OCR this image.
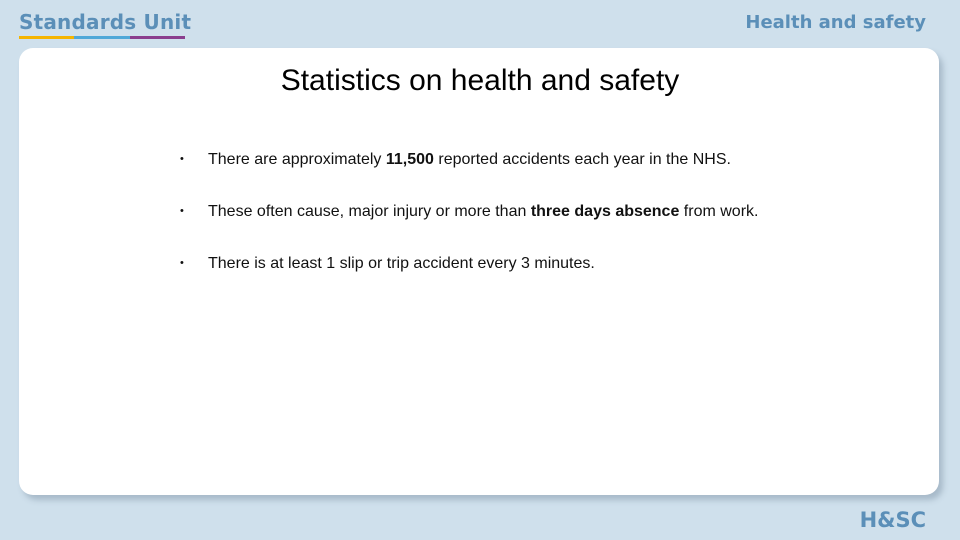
Standards Unit	Health and safety
Statistics on health and safety
• There are approximately 11,500 reported accidents each year in the NHS.
• These often cause, major injury or more than three days absence from work.
• There is at least 1 slip or trip accident every 3 minutes.
H&SC
